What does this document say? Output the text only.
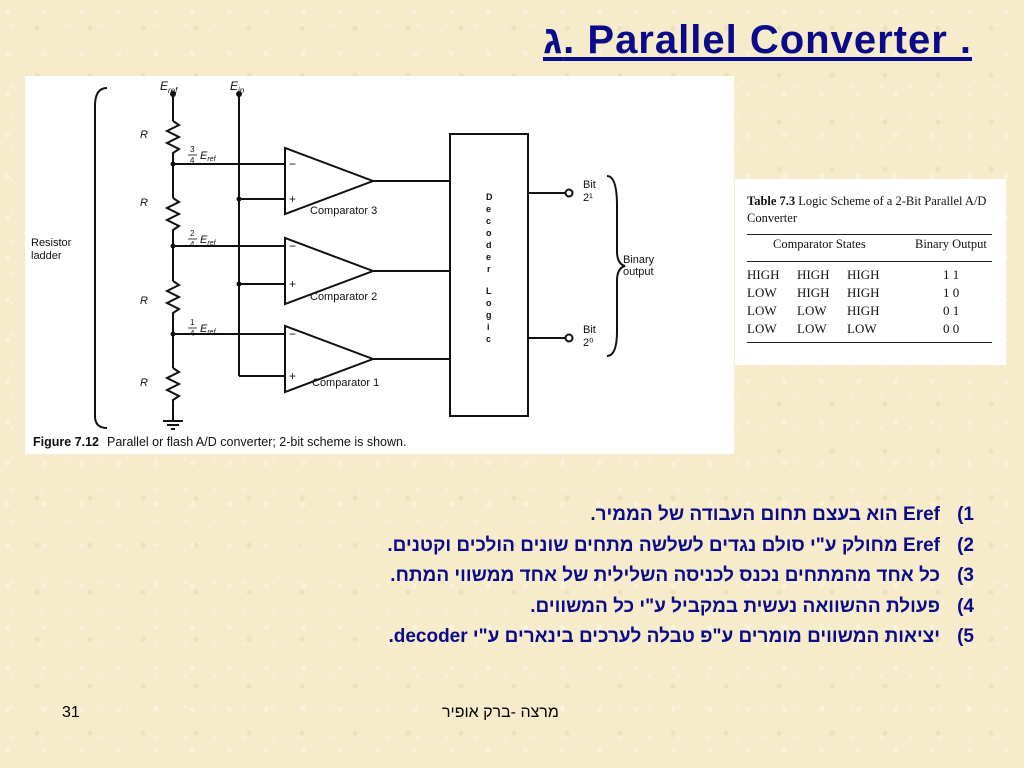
ג. Parallel Converter .
$E_{ref}$	$E_{in}$
R
R
R
R
3
4 Eref
2
4 Eref
1
4 Eref
Resistor ladder
−
+
−
+
−
+
Comparator 3
Comparator 2
Comparator 1
D
e
c
o
d
e
r
L
o
g
i
c
Bit
2¹
Bit
2⁰
Binary output
Figure 7.12 Parallel or flash A/D converter; 2-bit scheme is shown.
Table 7.3 Logic Scheme of a 2-Bit Parallel A/D Converter
Comparator States	Binary Output
HIGH HIGH HIGH	1 1
LOW HIGH HIGH	1 0
LOW LOW HIGH	0 1
LOW LOW LOW	0 0
1)Eref הוא בעצם תחום העבודה של הממיר.
2)Eref מחולק ע"י סולם נגדים לשלשה מתחים שונים הולכים וקטנים.
3)כל אחד מהמתחים נכנס לכניסה השלילית של אחד ממשווי המתח.
4)פעולת ההשוואה נעשית במקביל ע"י כל המשווים.
5)יציאות המשווים מומרים ע"פ טבלה לערכים בינארים ע"י decoder.
מרצה -ברק אופיר
31
